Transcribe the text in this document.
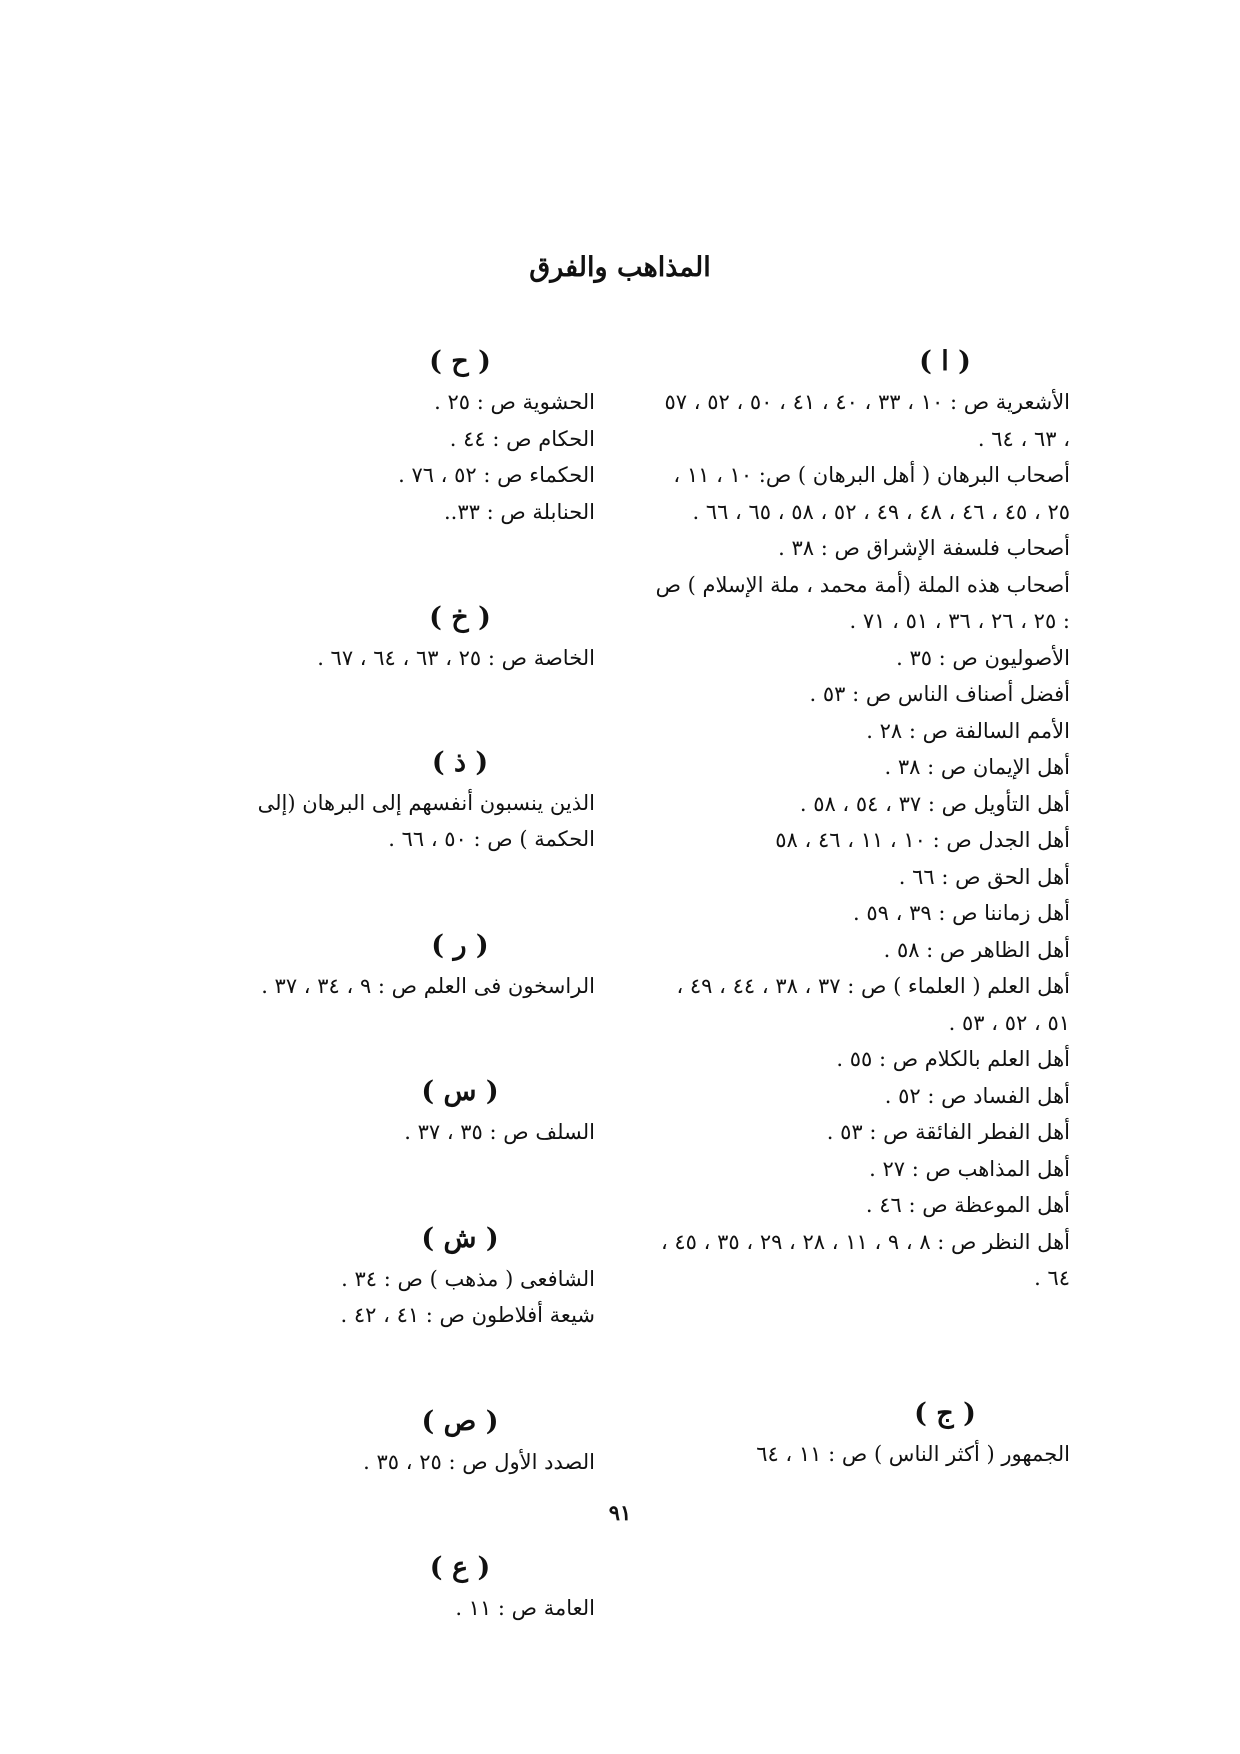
المذاهب والفرق
( ا )

الأشعرية ص : ١٠ ، ٣٣ ، ٤٠ ، ٤١ ، ٥٠ ، ٥٢ ، ٥٧ ، ٦٣ ، ٦٤ .

أصحاب البرهان ( أهل البرهان ) ص: ١٠ ، ١١ ، ٢٥ ، ٤٥ ، ٤٦ ، ٤٨ ، ٤٩ ، ٥٢ ، ٥٨ ، ٦٥ ، ٦٦ .

أصحاب فلسفة الإشراق ص : ٣٨ .

أصحاب هذه الملة (أمة محمد ، ملة الإسلام ) ص : ٢٥ ، ٢٦ ، ٣٦ ، ٥١ ، ٧١ .

الأصوليون ص : ٣٥ .

أفضل أصناف الناس ص : ٥٣ .

الأمم السالفة ص : ٢٨ .

أهل الإيمان ص : ٣٨ .

أهل التأويل ص : ٣٧ ، ٥٤ ، ٥٨ .

أهل الجدل ص : ١٠ ، ١١ ، ٤٦ ، ٥٨

أهل الحق ص : ٦٦ .

أهل زماننا ص : ٣٩ ، ٥٩ .

أهل الظاهر ص : ٥٨ .

أهل العلم ( العلماء ) ص : ٣٧ ، ٣٨ ، ٤٤ ، ٤٩ ، ٥١ ، ٥٢ ، ٥٣ .

أهل العلم بالكلام ص : ٥٥ .

أهل الفساد ص : ٥٢ .

أهل الفطر الفائقة ص : ٥٣ .

أهل المذاهب ص : ٢٧ .

أهل الموعظة ص : ٤٦ .

أهل النظر ص : ٨ ، ٩ ، ١١ ، ٢٨ ، ٢٩ ، ٣٥ ، ٤٥ ، ٦٤ .

( ج )

الجمهور ( أكثر الناس ) ص : ١١ ، ٦٤

( ح )

الحشوية ص : ٢٥ .

الحكام ص : ٤٤ .

الحكماء ص : ٥٢ ، ٧٦ .

الحنابلة ص : ٣٣..

( خ )

الخاصة ص : ٢٥ ، ٦٣ ، ٦٤ ، ٦٧ .

( ذ )

الذين ينسبون أنفسهم إلى البرهان (إلى الحكمة ) ص : ٥٠ ، ٦٦ .

( ر )

الراسخون فى العلم ص : ٩ ، ٣٤ ، ٣٧ .

( س )

السلف ص : ٣٥ ، ٣٧ .

( ش )

الشافعى ( مذهب ) ص : ٣٤ .

شيعة أفلاطون ص : ٤١ ، ٤٢ .

( ص )

الصدد الأول ص : ٢٥ ، ٣٥ .

( ع )

العامة ص : ١١ .

٩١
